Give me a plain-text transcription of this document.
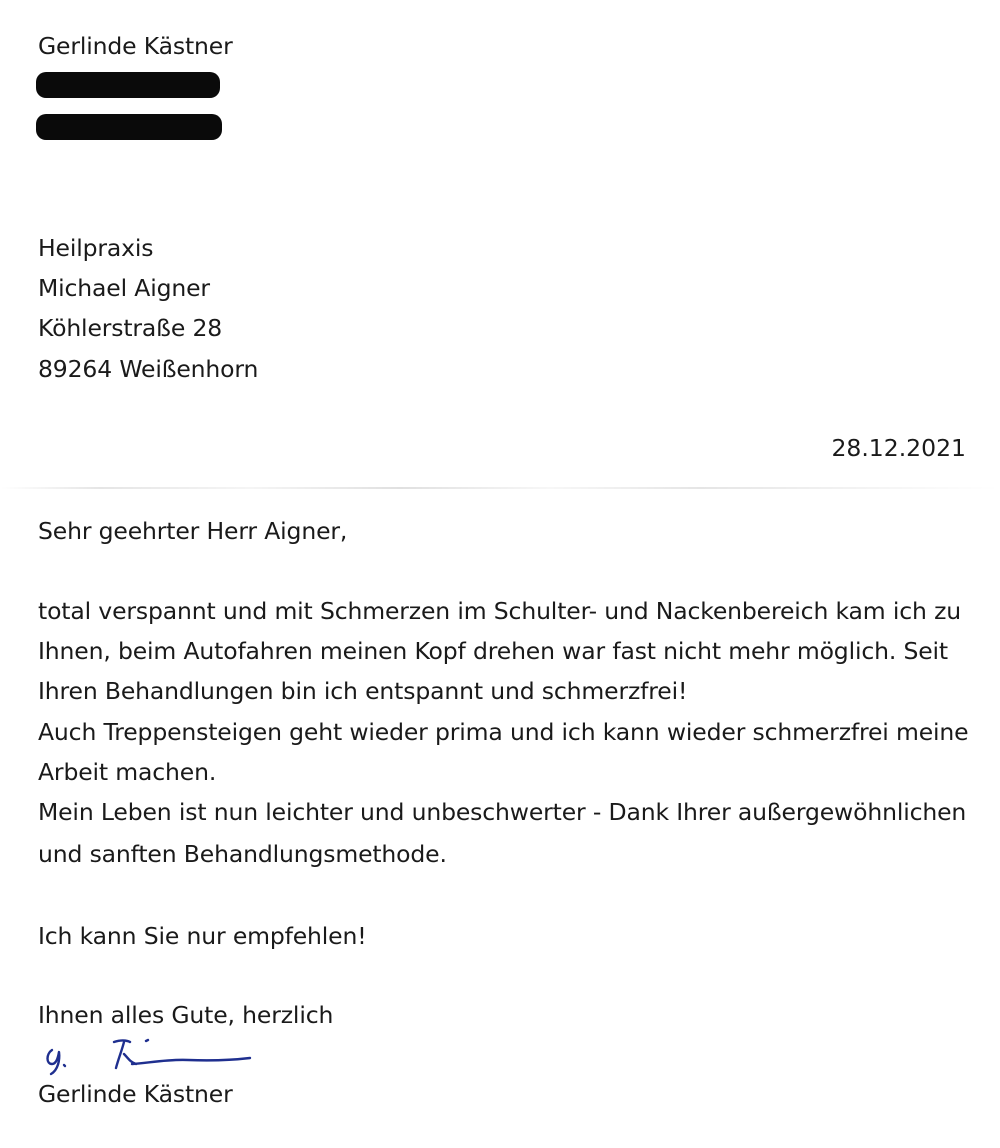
Gerlinde Kästner
Heilpraxis
Michael Aigner
Köhlerstraße 28
89264 Weißenhorn
28.12.2021
Sehr geehrter Herr Aigner,
total verspannt und mit Schmerzen im Schulter- und Nackenbereich kam ich zu
Ihnen, beim Autofahren meinen Kopf drehen war fast nicht mehr möglich. Seit
Ihren Behandlungen bin ich entspannt und schmerzfrei!
Auch Treppensteigen geht wieder prima und ich kann wieder schmerzfrei meine
Arbeit machen.
Mein Leben ist nun leichter und unbeschwerter - Dank Ihrer außergewöhnlichen
und sanften Behandlungsmethode.
Ich kann Sie nur empfehlen!
Ihnen alles Gute, herzlich
Gerlinde Kästner
